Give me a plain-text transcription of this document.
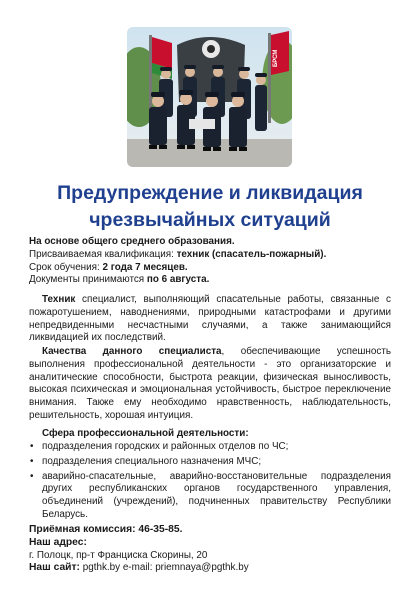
БРСМ
Предупреждение и ликвидация
чрезвычайных ситуаций
На основе общего среднего образования.
Присваиваемая квалификация: техник (спасатель-пожарный).
Срок обучения: 2 года 7 месяцев.
Документы принимаются по 6 августа.
Техник специалист, выполняющий спасательные работы, связанные с пожаротушением, наводнениями, природными катастрофами и другими непредвиденными несчастными случаями, а также занимающийся ликвидацией их последствий.
Качества данного специалиста, обеспечивающие успешность выполнения профессиональной деятельности - это организаторские и аналитические способности, быстрота реакции, физическая выносливость, высокая психическая и эмоциональная устойчивость, быстрое переключение внимания. Также ему необходимо нравственность, наблюдательность, решительность, хорошая интуиция.
Сфера профессиональной деятельности:
• подразделения городских и районных отделов по ЧС;
• подразделения специального назначения МЧС;
• аварийно-спасательные, аварийно-восстановительные подразделения других республиканских органов государственного управления, объединений (учреждений), подчиненных правительству Республики Беларусь.
Приёмная комиссия: 46-35-85.
Наш адрес:
г. Полоцк, пр-т Франциска Скорины, 20
Наш сайт: pgthk.by e-mail: priemnaya@pgthk.by
